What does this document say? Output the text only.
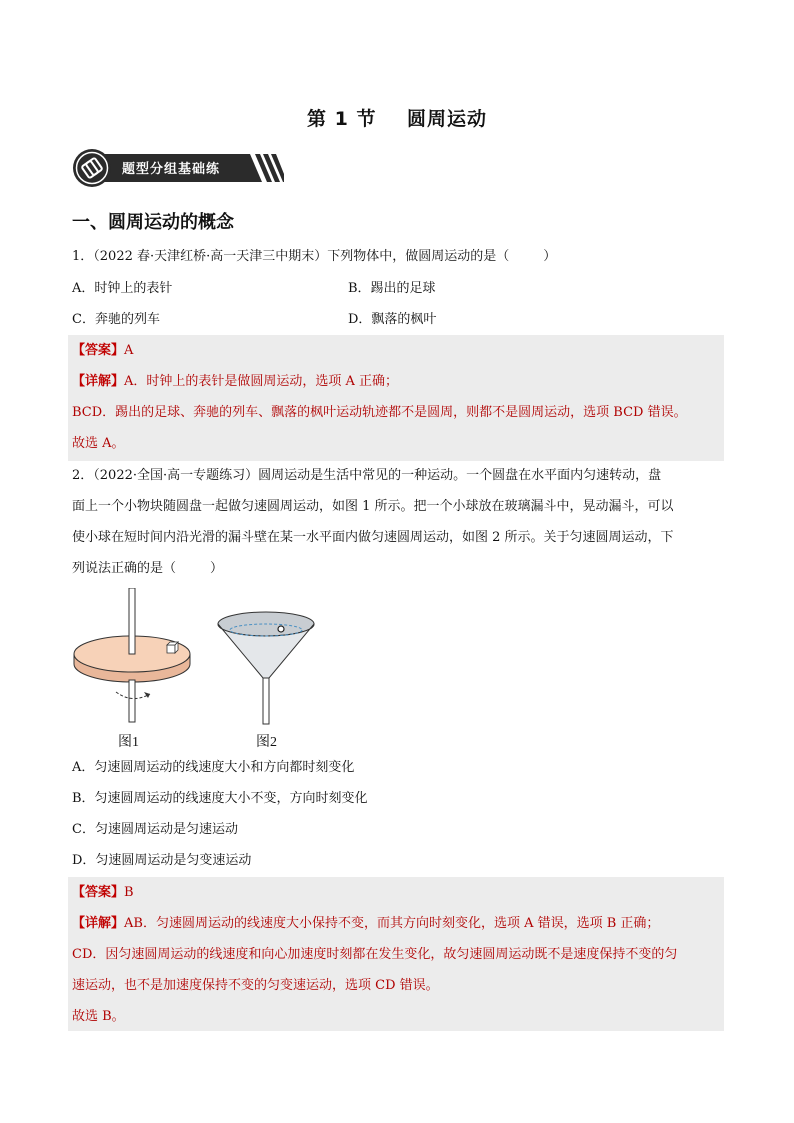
第 1 节    圆周运动
题型分组基础练
一、圆周运动的概念
1．（2022 春·天津红桥·高一天津三中期末）下列物体中，做圆周运动的是（	）
A．时钟上的表针	B．踢出的足球
C．奔驰的列车	D．飘落的枫叶
【答案】A
【详解】A．时钟上的表针是做圆周运动，选项 A 正确；
BCD．踢出的足球、奔驰的列车、飘落的枫叶运动轨迹都不是圆周，则都不是圆周运动，选项 BCD 错误。
故选 A。
2．（2022·全国·高一专题练习）圆周运动是生活中常见的一种运动。一个圆盘在水平面内匀速转动，盘
面上一个小物块随圆盘一起做匀速圆周运动，如图 1 所示。把一个小球放在玻璃漏斗中，晃动漏斗，可以
使小球在短时间内沿光滑的漏斗壁在某一水平面内做匀速圆周运动，如图 2 所示。关于匀速圆周运动，下
列说法正确的是（	）
图1	图2
A．匀速圆周运动的线速度大小和方向都时刻变化
B．匀速圆周运动的线速度大小不变，方向时刻变化
C．匀速圆周运动是匀速运动
D．匀速圆周运动是匀变速运动
【答案】B
【详解】AB．匀速圆周运动的线速度大小保持不变，而其方向时刻变化，选项 A 错误，选项 B 正确；
CD．因匀速圆周运动的线速度和向心加速度时刻都在发生变化，故匀速圆周运动既不是速度保持不变的匀
速运动，也不是加速度保持不变的匀变速运动，选项 CD 错误。
故选 B。
